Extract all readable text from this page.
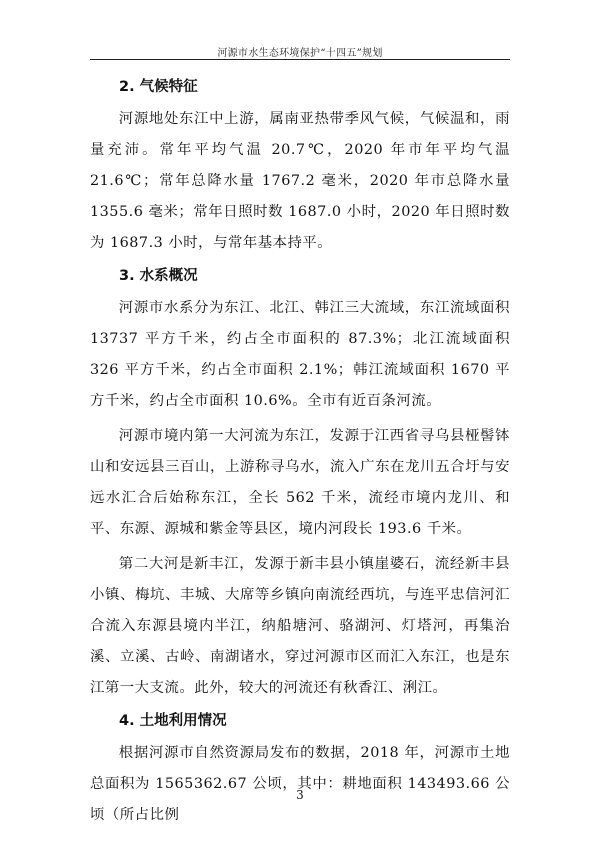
河源市水生态环境保护“十四五”规划
2. 气候特征

河源地处东江中上游，属南亚热带季风气候，气候温和，雨量充沛。常年平均气温 20.7℃，2020 年市年平均气温 21.6℃；常年总降水量 1767.2 毫米，2020 年市总降水量 1355.6 毫米；常年日照时数 1687.0 小时，2020 年日照时数为 1687.3 小时，与常年基本持平。

3. 水系概况

河源市水系分为东江、北江、韩江三大流域，东江流域面积 13737 平方千米，约占全市面积的 87.3%；北江流域面积 326 平方千米，约占全市面积 2.1%；韩江流域面积 1670 平方千米，约占全市面积 10.6%。全市有近百条河流。

河源市境内第一大河流为东江，发源于江西省寻乌县桠髻钵山和安远县三百山，上游称寻乌水，流入广东在龙川五合圩与安远水汇合后始称东江，全长 562 千米，流经市境内龙川、和平、东源、源城和紫金等县区，境内河段长 193.6 千米。

第二大河是新丰江，发源于新丰县小镇崖婆石，流经新丰县小镇、梅坑、丰城、大席等乡镇向南流经西坑，与连平忠信河汇合流入东源县境内半江，纳船塘河、骆湖河、灯塔河，再集治溪、立溪、古岭、南湖诸水，穿过河源市区而汇入东江，也是东江第一大支流。此外，较大的河流还有秋香江、浰江。

4. 土地利用情况

根据河源市自然资源局发布的数据，2018 年，河源市土地总面积为 1565362.67 公顷，其中：耕地面积 143493.66 公顷（所占比例

3
